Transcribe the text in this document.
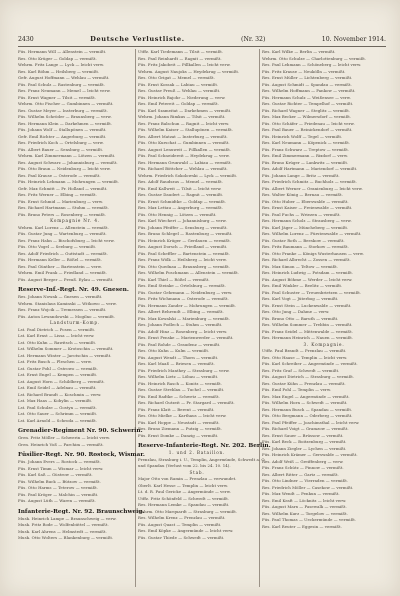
2430	Deutsche Verlustliste.	(Nr. 32)	10. November 1914.
Füs. Hermann Will — Allenstein — vermißt.
Res. Otto Krüger — Goldap — vermißt.
Wehrm. Fritz Lange — Lyck — leicht verw.
Res. Karl Böhm — Heilsberg — vermißt.
Gefr. August Hoffmann — Wehlau — vermißt.
Füs. Paul Schulz — Rastenburg — vermißt.
Res. Franz Neumann — Memel — leicht verw.
Füs. Ernst Wagner — Tilsit — vermißt.
Wehrm. Otto Fischer — Gumbinnen — vermißt.
Res. Gustav Meyer — Insterburg — vermißt.
Füs. Wilhelm Schröder — Braunsberg — verw.
Res. Hermann Klein — Darkehmen — vermißt.
Füs. Johann Wolf — Stallupönen — vermißt.
Gefr. Emil Richter — Angerburg — vermißt.
Res. Friedrich Koch — Ortelsburg — verw.
Füs. Albert Bauer — Sensburg — vermißt.
Wehrm. Karl Zimmermann — Lötzen — vermißt.
Res. August Schwarz — Johannisburg — vermißt.
Füs. Otto Braun — Neidenburg — leicht verw.
Res. Paul Krause — Osterode — vermißt.
Füs. Heinrich Lehmann — Mohrungen — vermißt.
Gefr. Max Schmitt — Pr. Holland — vermißt.
Res. Fritz Werner — Elbing — vermißt.
Füs. Ernst Schmid — Marienburg — verw.
Res. Richard Hartmann — Stuhm — vermißt.
Füs. Bruno Peters — Rosenberg — vermißt.
Kompagnie Nr. 4.
Wehrm. Karl Lorenz — Allenstein — vermißt.
Füs. Gustav Jung — Wartenburg — vermißt.
Res. Franz Hahn — Bischofsburg — leicht verw.
Füs. Otto Vogel — Seeburg — vermißt.
Res. Adolf Friedrich — Guttstadt — vermißt.
Füs. Hermann Keller — Rößel — vermißt.
Res. Paul Günther — Bartenstein — verw.
Wehrm. Emil Frank — Friedland — vermißt.
Füs. August Berger — Preuß. Eylau — vermißt.
Reserve-Inf.-Regt. Nr. 49. Gnesen.
Res. Johann Nowak — Gnesen — vermißt.
Wehrm. Stanislaus Kaminski — Witkowo — verw.
Res. Franz Wojcik — Tremessen — vermißt.
Füs. Anton Lewandowski — Mogilno — vermißt.
Landsturm-Komp.
Lst. Paul Dietrich — Posen — vermißt.
Lst. Karl Ernst — Lissa — leicht verw.
Lst. Otto Kuhn — Rawitsch — vermißt.
Lst. Wilhelm Sommer — Krotoschin — vermißt.
Lst. Hermann Winter — Jarotschin — vermißt.
Lst. Fritz Busch — Pleschen — verw.
Lst. Gustav Pohl — Ostrowo — vermißt.
Lst. Ernst Engel — Kempen — vermißt.
Lst. August Horn — Schildberg — vermißt.
Lst. Emil Seidel — Adelnau — vermißt.
Lst. Richard Brandt — Koschmin — verw.
Lst. Max Haas — Kobylin — vermißt.
Lst. Paul Schulze — Gostyn — vermißt.
Lst. Otto Sauer — Schrimm — vermißt.
Lst. Karl Arnold — Schroda — vermißt.
Grenadier-Regiment Nr. 90. Schwerin.
Gren. Fritz Möller — Schwerin — leicht verw.
Gren. Heinrich Voß — Parchim — vermißt.
Füsilier-Regt. Nr. 90. Rostock, Wismar.
Füs. Johann Evers — Rostock — vermißt.
Füs. Ernst Timm — Wismar — leicht verw.
Füs. Karl Saß — Güstrow — vermißt.
Füs. Wilhelm Buck — Bützow — vermißt.
Füs. Otto Harms — Teterow — vermißt.
Füs. Paul Kröger — Malchin — vermißt.
Füs. August Lüth — Waren — vermißt.
Infanterie-Regt. Nr. 92. Braunschweig.
Musk. Heinrich Lampe — Braunschweig — verw.
Musk. Fritz Bode — Wolfenbüttel — vermißt.
Musk. Karl Ahrens — Helmstedt — vermißt.
Musk. Otto Wolters — Blankenburg — vermißt.
Utffz. Karl Tiedemann — Tilsit — vermißt.
Res. Paul Reinhardt — Ragnit — vermißt.
Füs. Fritz Jakobeit — Pillkallen — leicht verw.
Wehrm. August Naujoks — Heydekrug — vermißt.
Res. Otto Grigat — Memel — vermißt.
Füs. Ernst Kossak — Labiau — vermißt.
Res. Gustav Preuß — Wehlau — vermißt.
Füs. Heinrich Bajohr — Niederung — verw.
Res. Emil Petereit — Goldap — vermißt.
Füs. Karl Szameitat — Darkehmen — vermißt.
Wehrm. Johann Rimkus — Tilsit — vermißt.
Res. Franz Balschun — Ragnit — leicht verw.
Füs. Wilhelm Kaiser — Stallupönen — vermißt.
Res. Albert Matzat — Insterburg — vermißt.
Füs. Otto Kurschat — Gumbinnen — vermißt.
Res. August Lenuweit — Pillkallen — vermißt.
Füs. Paul Schneidereit — Heydekrug — verw.
Res. Hermann Grunwald — Labiau — vermißt.
Füs. Richard Böttcher — Wehlau — vermißt.
Wehrm. Friedrich Sokolowski — Lyck — vermißt.
Res. Adolf Raudszus — Memel — vermißt.
Füs. Emil Kallweit — Tilsit — leicht verw.
Res. Gustav Daudert — Ragnit — vermißt.
Füs. Ernst Schmidtke — Goldap — vermißt.
Res. Max Lettau — Angerburg — vermißt.
Füs. Otto Hennig — Lötzen — vermißt.
Res. Karl Wiechert — Johannisburg — verw.
Füs. Johann Pfeiffer — Sensburg — vermißt.
Res. Bruno Schlegel — Rastenburg — vermißt.
Füs. Heinrich Krüger — Gerdauen — vermißt.
Res. August Dorsch — Friedland — vermißt.
Füs. Paul Scheffler — Bartenstein — vermißt.
Res. Franz Wölk — Heilsberg — leicht verw.
Füs. Otto Quednau — Braunsberg — vermißt.
Res. Wilhelm Poschmann — Allenstein — vermißt.
Füs. Karl Thiel — Rößel — vermißt.
Res. Emil Steinke — Ortelsburg — vermißt.
Füs. Gustav Gehrmann — Neidenburg — verw.
Res. Fritz Wichmann — Osterode — vermißt.
Füs. Hermann Zander — Mohrungen — vermißt.
Res. Albert Behrendt — Elbing — vermißt.
Füs. Max Kowalski — Marienburg — vermißt.
Res. Johann Podlech — Stuhm — vermißt.
Füs. Adolf Hinz — Rosenberg — leicht verw.
Res. Ernst Fenske — Marienwerder — vermißt.
Füs. Paul Rohde — Graudenz — vermißt.
Res. Otto Kuhn — Kulm — vermißt.
Füs. August Wendt — Thorn — vermißt.
Res. Karl Maaß — Briesen — vermißt.
Füs. Friedrich Manthey — Strasburg — verw.
Res. Wilhelm Lietz — Löbau — vermißt.
Füs. Heinrich Rasch — Konitz — vermißt.
Res. Gustav Strehlau — Tuchel — vermißt.
Füs. Emil Radtke — Schwetz — vermißt.
Res. Richard Gutzeit — Pr. Stargard — vermißt.
Füs. Franz Klatt — Berent — vermißt.
Res. Otto Mielke — Karthaus — leicht verw.
Füs. Karl Hoppe — Neustadt — vermißt.
Res. Bruno Ziemann — Putzig — vermißt.
Füs. Ernst Domke — Danzig — vermißt.
Reserve-Infanterie-Regt. Nr. 202. Berlin.
1. und 2. Bataillon.
Prenzlau, Strasburg i. U., Templin, Angermünde, Schwedt a. O.
und Spandau (Verlust vom 22. bis 24. 10. 14).
Stab.
Major Otto von Ramin — Prenzlau — verwundet.
Oberlt. Karl Hesse — Templin — leicht verw.
Lt. d. R. Paul Gericke — Angermünde — verw.
Utffz. Fritz Schönfeld — Schwedt — vermißt.
Res. Hermann Lemke — Spandau — vermißt.
Wehrm. Otto Marquardt — Strasburg — vermißt.
Res. Wilhelm Krenz — Prenzlau — vermißt.
Füs. August Quast — Templin — vermißt.
Res. Emil Köpke — Angermünde — leicht verw.
Füs. Gustav Thiede — Schwedt — vermißt.
Res. Karl Wilke — Berlin — vermißt.
Wehrm. Otto Schulze — Charlottenburg — vermißt.
Res. Paul Lehmann — Schöneberg — leicht verw.
Füs. Fritz Krause — Neukölln — vermißt.
Res. Ernst Müller — Lichtenberg — vermißt.
Füs. August Schmidt — Spandau — vermißt.
Res. Wilhelm Hoffmann — Pankow — vermißt.
Füs. Hermann Schulz — Weißensee — verw.
Res. Gustav Richter — Tempelhof — vermißt.
Füs. Richard Wagner — Steglitz — vermißt.
Res. Max Becker — Wilmersdorf — vermißt.
Füs. Otto Schäfer — Friedenau — leicht verw.
Res. Paul Bauer — Reinickendorf — vermißt.
Füs. Heinrich Wolff — Tegel — vermißt.
Res. Karl Neumann — Köpenick — vermißt.
Füs. Franz Schwarz — Treptow — vermißt.
Res. Emil Zimmermann — Rixdorf — verw.
Füs. Bruno Krüger — Lankwitz — vermißt.
Res. Adolf Hartmann — Mariendorf — vermißt.
Füs. Johann Lange — Britz — vermißt.
Res. Friedrich Schmitz — Buchholz — vermißt.
Füs. Albert Werner — Oranienburg — leicht verw.
Res. Walter König — Bernau — vermißt.
Füs. Otto Huber — Eberswalde — vermißt.
Res. Ernst Kaiser — Freienwalde — vermißt.
Füs. Paul Fuchs — Wriezen — vermißt.
Res. Hermann Scholz — Strausberg — verw.
Füs. Karl Jäger — Müncheberg — vermißt.
Res. Wilhelm Lorenz — Fürstenwalde — vermißt.
Füs. Gustav Roth — Beeskow — vermißt.
Res. Fritz Baumann — Storkow — vermißt.
Füs. Otto Franke — Königs Wusterhausen — verw.
Res. Richard Albrecht — Zossen — vermißt.
Füs. Max Simon — Teltow — vermißt.
Res. Heinrich Ludwig — Potsdam — vermißt.
Füs. August Böhme — Werder — leicht verw.
Res. Emil Winkler — Beelitz — vermißt.
Füs. Paul Schuster — Treuenbrietzen — vermißt.
Res. Karl Vogt — Jüterbog — vermißt.
Füs. Ernst Stein — Luckenwalde — vermißt.
Res. Otto Jung — Dahme — verw.
Füs. Bruno Otto — Baruth — vermißt.
Res. Wilhelm Sommer — Trebbin — vermißt.
Füs. Franz Seidel — Mittenwalde — vermißt.
Res. Hermann Heinrich — Nauen — vermißt.
3. Kompagnie.
Utffz. Paul Brandt — Prenzlau — vermißt.
Res. Otto Haase — Templin — leicht verw.
Füs. Karl Schreiber — Angermünde — vermißt.
Res. Fritz Graf — Schwedt — vermißt.
Füs. August Dietrich — Strasburg — vermißt.
Res. Gustav Kühn — Prenzlau — vermißt.
Füs. Emil Pohl — Templin — verw.
Res. Max Engel — Angermünde — vermißt.
Füs. Wilhelm Horn — Schwedt — vermißt.
Res. Hermann Busch — Spandau — vermißt.
Füs. Otto Bergmann — Oderberg — vermißt.
Res. Paul Pfeiffer — Joachimsthal — leicht verw.
Füs. Richard Voigt — Gramzow — vermißt.
Res. Ernst Sauer — Brüssow — vermißt.
Füs. Karl Beck — Boitzenburg — vermißt.
Res. Johann Ziegler — Lychen — vermißt.
Füs. Heinrich Krämer — Gerswalde — vermißt.
Res. Adolf Weiß — Greiffenberg — verw.
Füs. Franz Schütz — Pinnow — vermißt.
Res. Albert Ritter — Gartz — vermißt.
Füs. Otto Lindner — Vierraden — vermißt.
Res. Friedrich Möller — Casekow — vermißt.
Füs. Max Wendt — Penkun — vermißt.
Res. Emil Kraft — Löcknitz — leicht verw.
Füs. August Marx — Pasewalk — vermißt.
Res. Wilhelm Kurz — Torgelow — vermißt.
Füs. Paul Thomas — Ueckermünde — vermißt.
Res. Karl Reuter — Eggesin — vermißt.
